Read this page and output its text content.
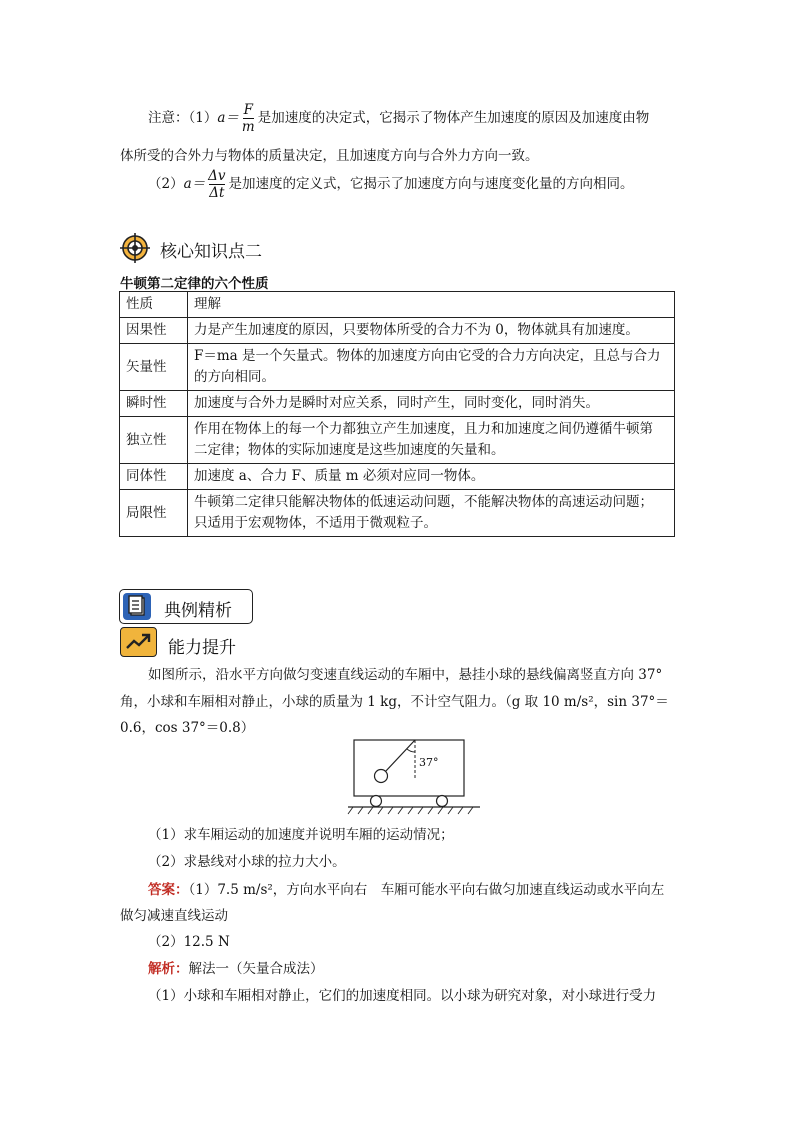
注意：$(1)a= \frac{F}{m}$ 是加速度的决定式，它揭示了物体产生加速度的原因及加速度由物
体所受的合外力与物体的质量决定，且加速度方向与合外力方向一致。
$(2)a= \frac{\Delta v}{\Delta t}$ 是加速度的定义式，它揭示了加速度方向与速度变化量的方向相同。
核心知识点二
牛顿第二定律的六个性质
性质	理解
因果性	力是产生加速度的原因，只要物体所受的合力不为 0，物体就具有加速度。
矢量性	F＝ma 是一个矢量式。物体的加速度方向由它受的合力方向决定，且总与合力
的方向相同。
瞬时性	加速度与合外力是瞬时对应关系，同时产生，同时变化，同时消失。
独立性	作用在物体上的每一个力都独立产生加速度，且力和加速度之间仍遵循牛顿第
二定律；物体的实际加速度是这些加速度的矢量和。
同体性	加速度 a、合力 F、质量 m 必须对应同一物体。
局限性	牛顿第二定律只能解决物体的低速运动问题，不能解决物体的高速运动问题；
只适用于宏观物体，不适用于微观粒子。
典例精析
能力提升
如图所示，沿水平方向做匀变速直线运动的车厢中，悬挂小球的悬线偏离竖直方向 37°
角，小球和车厢相对静止，小球的质量为 1 kg，不计空气阻力。（g 取 10 m/s²，sin 37°＝
0.6，cos 37°＝0.8）
37°
（1）求车厢运动的加速度并说明车厢的运动情况；
（2）求悬线对小球的拉力大小。
答案：（1）7.5 m/s²，方向水平向右　车厢可能水平向右做匀加速直线运动或水平向左
做匀减速直线运动
（2）12.5 N
解析：解法一（矢量合成法）
（1）小球和车厢相对静止，它们的加速度相同。以小球为研究对象，对小球进行受力
